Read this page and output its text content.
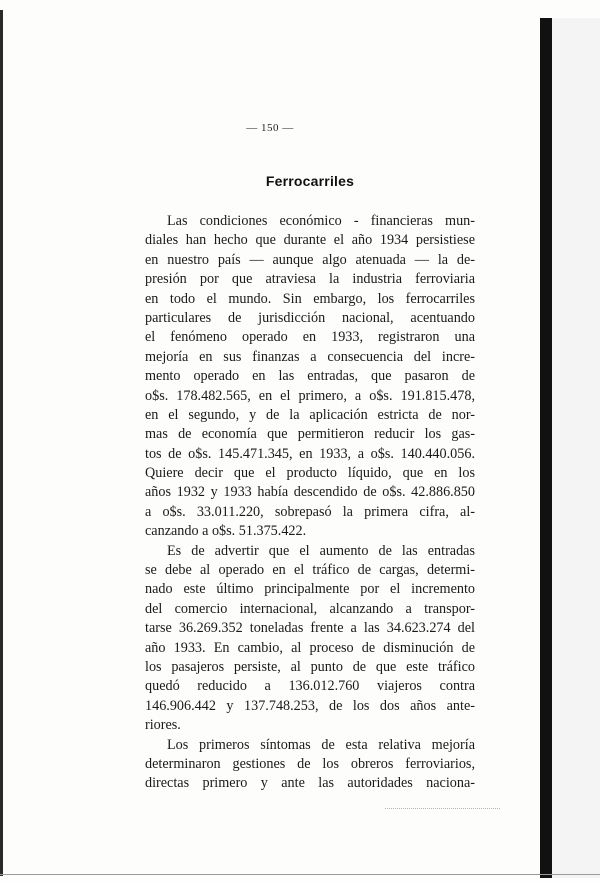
— 150 —
Ferrocarriles
Las condiciones económico - financieras mun-
diales han hecho que durante el año 1934 persistiese
en nuestro país — aunque algo atenuada — la de-
presión por que atraviesa la industria ferroviaria
en todo el mundo. Sin embargo, los ferrocarriles
particulares de jurisdicción nacional, acentuando
el fenómeno operado en 1933, registraron una
mejoría en sus finanzas a consecuencia del incre-
mento operado en las entradas, que pasaron de
o$s. 178.482.565, en el primero, a o$s. 191.815.478,
en el segundo, y de la aplicación estricta de nor-
mas de economía que permitieron reducir los gas-
tos de o$s. 145.471.345, en 1933, a o$s. 140.440.056.
Quiere decir que el producto líquido, que en los
años 1932 y 1933 había descendido de o$s. 42.886.850
a o$s. 33.011.220, sobrepasó la primera cifra, al-
canzando a o$s. 51.375.422.
Es de advertir que el aumento de las entradas
se debe al operado en el tráfico de cargas, determi-
nado este último principalmente por el incremento
del comercio internacional, alcanzando a transpor-
tarse 36.269.352 toneladas frente a las 34.623.274 del
año 1933. En cambio, al proceso de disminución de
los pasajeros persiste, al punto de que este tráfico
quedó reducido a 136.012.760 viajeros contra
146.906.442 y 137.748.253, de los dos años ante-
riores.
Los primeros síntomas de esta relativa mejoría
determinaron gestiones de los obreros ferroviarios,
directas primero y ante las autoridades naciona-
